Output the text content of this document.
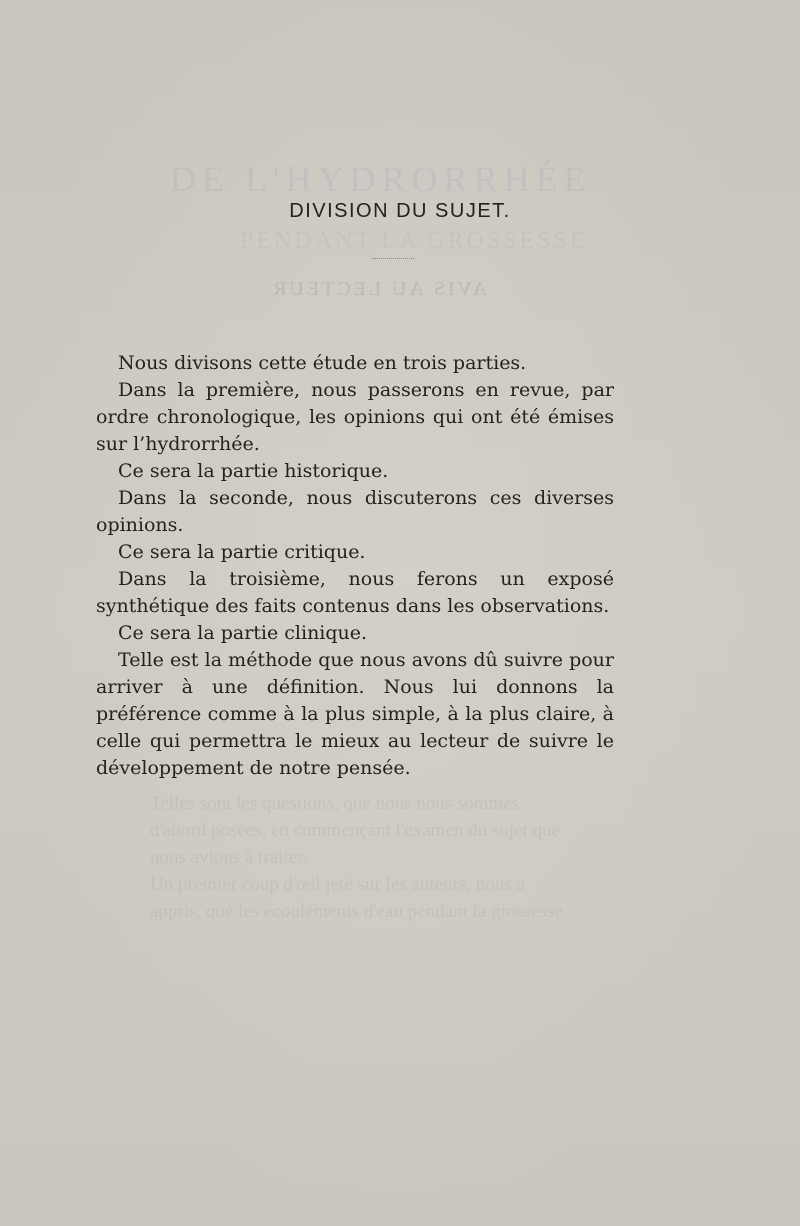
DE L'HYDRORRHÉE
PENDANT LA GROSSESSE
AVIS AU LECTEUR
Telles sont les questions, que nous nous sommes
d'abord posées, en commençant l'examen du sujet que
nous avions à traiter.
Un premier coup d'œil jeté sur les auteurs, nous a
appris, que les écoulements d'eau pendant la grossesse
DIVISION DU SUJET.

Nous divisons cette étude en trois parties.

Dans la première, nous passerons en revue, par ordre chronologique, les opinions qui ont été émises sur l’hydrorrhée.

Ce sera la partie historique.

Dans la seconde, nous discuterons ces diverses opinions.

Ce sera la partie critique.

Dans la troisième, nous ferons un exposé synthétique des faits contenus dans les observations.

Ce sera la partie clinique.

Telle est la méthode que nous avons dû suivre pour arriver à une définition. Nous lui donnons la préférence comme à la plus simple, à la plus claire, à celle qui permettra le mieux au lecteur de suivre le développement de notre pensée.
